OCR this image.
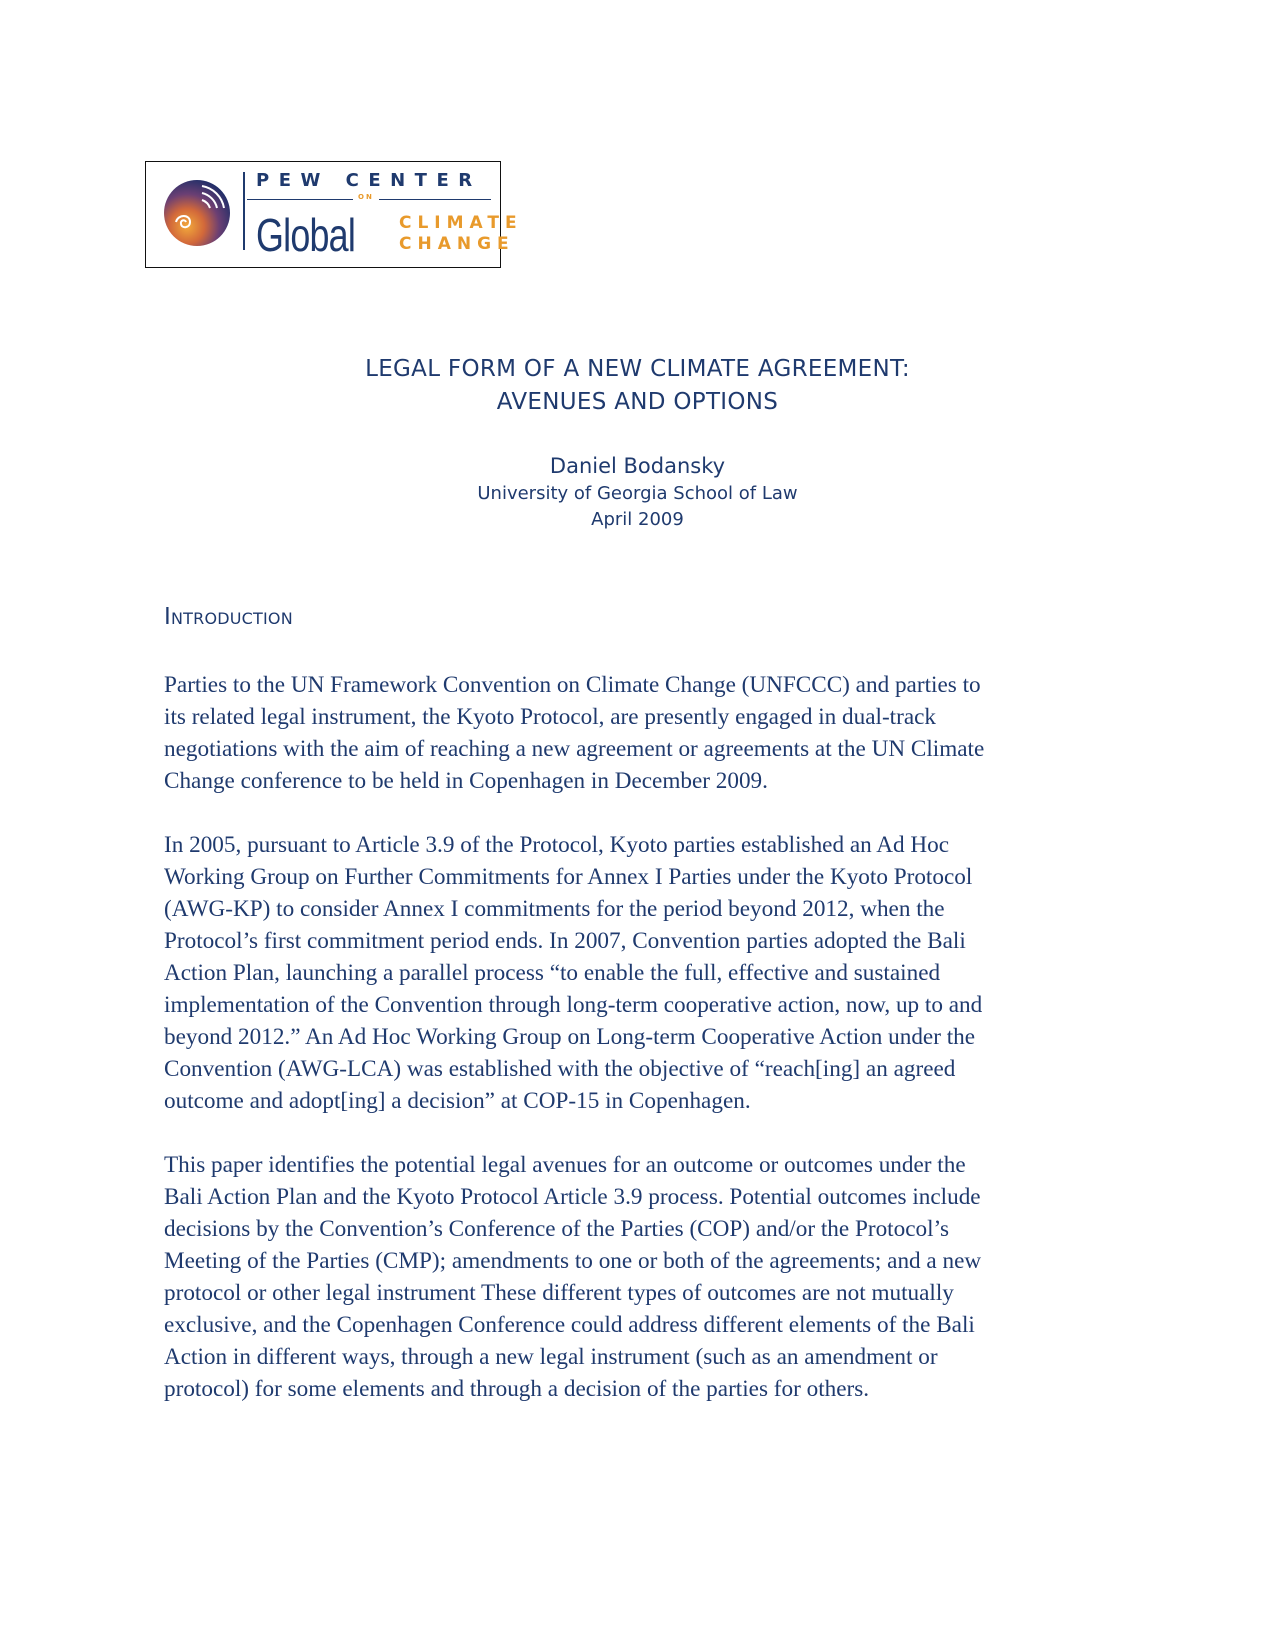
PEW CENTER
ON
Global	CLIMATE
CHANGE
LEGAL FORM OF A NEW CLIMATE AGREEMENT:
AVENUES AND OPTIONS
Daniel Bodansky
University of Georgia School of Law
April 2009
Introduction
Parties to the UN Framework Convention on Climate Change (UNFCCC) and parties to
its related legal instrument, the Kyoto Protocol, are presently engaged in dual-track
negotiations with the aim of reaching a new agreement or agreements at the UN Climate
Change conference to be held in Copenhagen in December 2009.
In 2005, pursuant to Article 3.9 of the Protocol, Kyoto parties established an Ad Hoc
Working Group on Further Commitments for Annex I Parties under the Kyoto Protocol
(AWG-KP) to consider Annex I commitments for the period beyond 2012, when the
Protocol’s first commitment period ends. In 2007, Convention parties adopted the Bali
Action Plan, launching a parallel process “to enable the full, effective and sustained
implementation of the Convention through long-term cooperative action, now, up to and
beyond 2012.” An Ad Hoc Working Group on Long-term Cooperative Action under the
Convention (AWG-LCA) was established with the objective of “reach[ing] an agreed
outcome and adopt[ing] a decision” at COP-15 in Copenhagen.
This paper identifies the potential legal avenues for an outcome or outcomes under the
Bali Action Plan and the Kyoto Protocol Article 3.9 process. Potential outcomes include
decisions by the Convention’s Conference of the Parties (COP) and/or the Protocol’s
Meeting of the Parties (CMP); amendments to one or both of the agreements; and a new
protocol or other legal instrument These different types of outcomes are not mutually
exclusive, and the Copenhagen Conference could address different elements of the Bali
Action in different ways, through a new legal instrument (such as an amendment or
protocol) for some elements and through a decision of the parties for others.
